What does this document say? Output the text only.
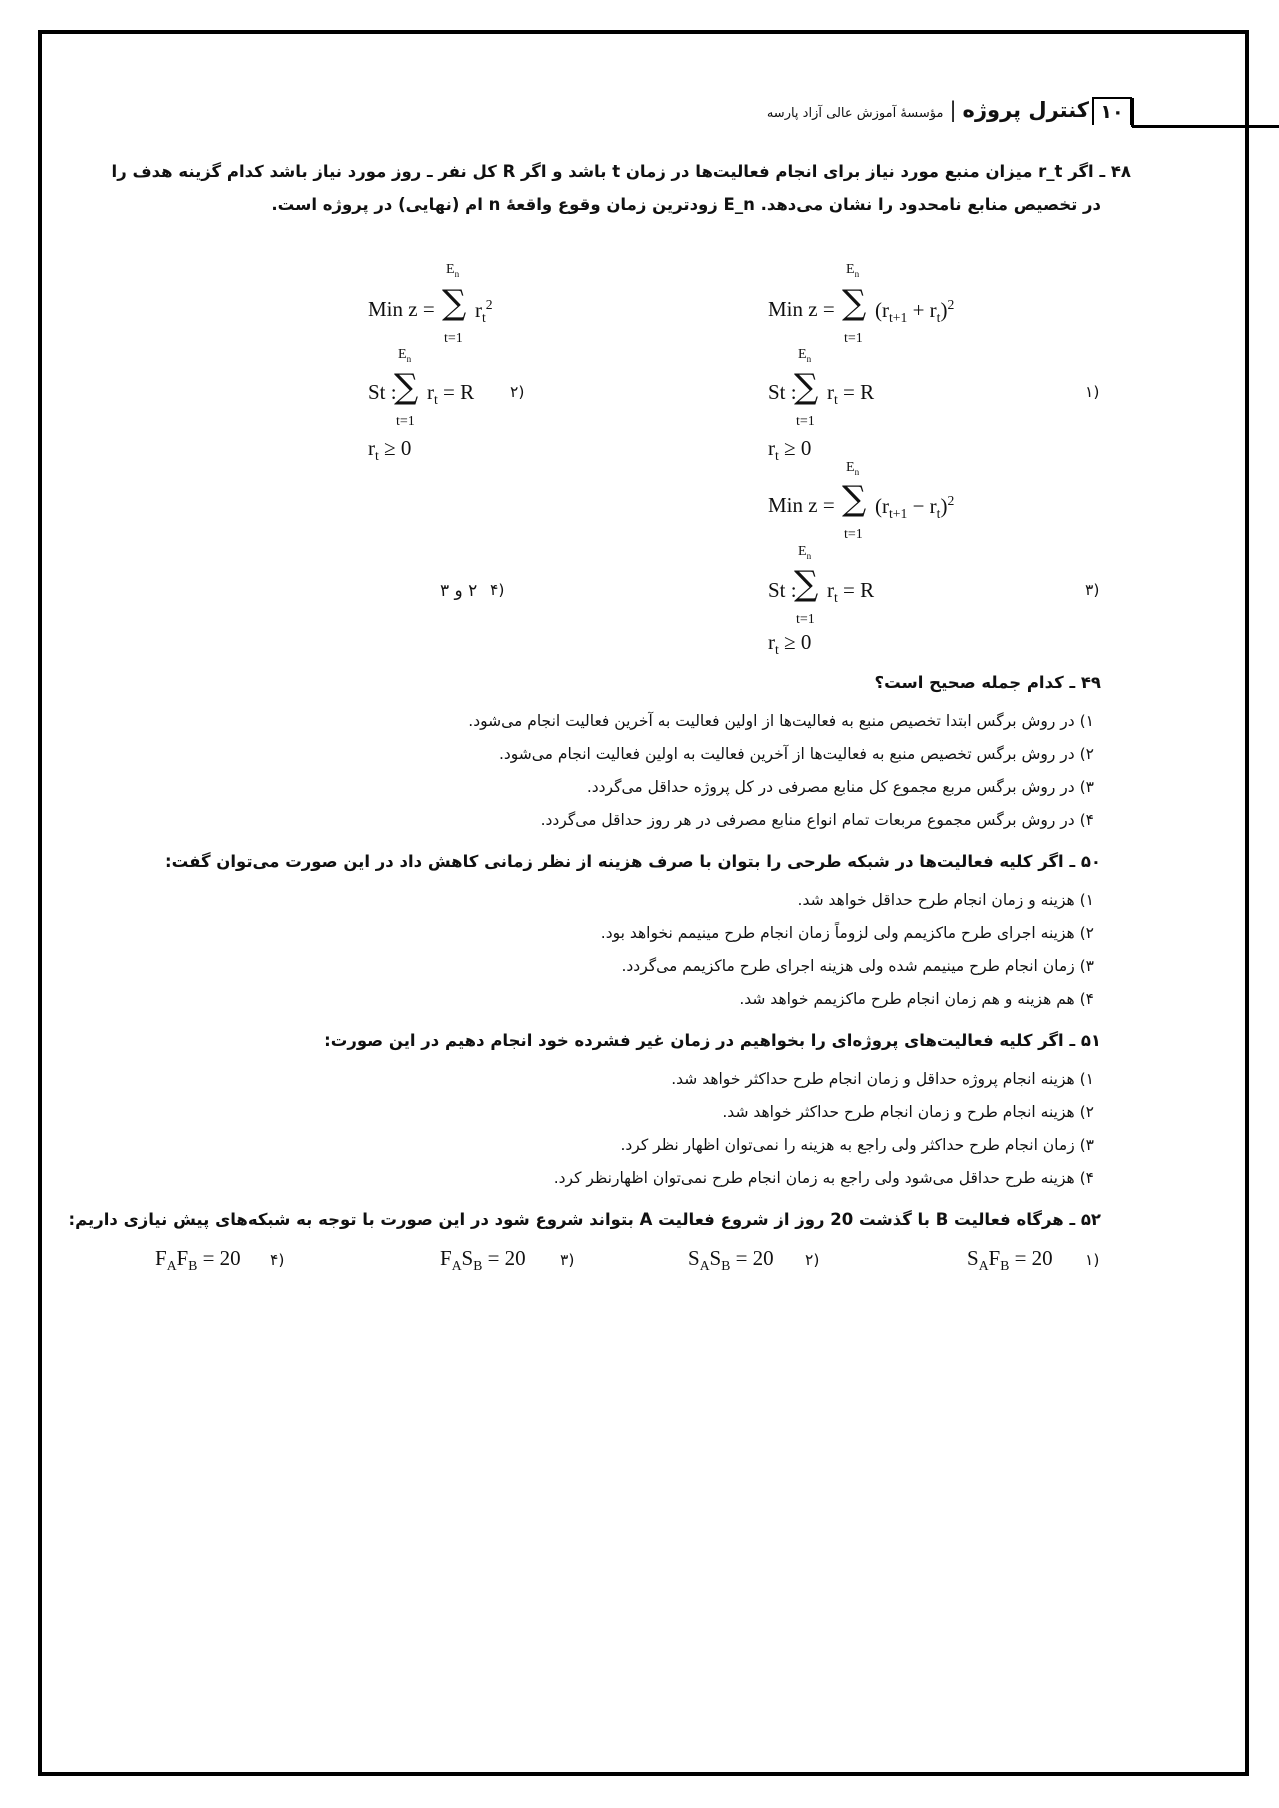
۱۰
کنترل پروژه|مؤسسهٔ آموزش عالی آزاد پارسه
۴۸ ـ اگر r_t میزان منبع مورد نیاز برای انجام فعالیت‌ها در زمان t باشد و اگر R کل نفر ـ روز مورد نیاز باشد کدام گزینه هدف را
در تخصیص منابع نامحدود را نشان می‌دهد. E_n زودترین زمان وقوع واقعهٔ n ام (نهایی) در پروژه است.
Min z =
$E_n$
∑
t=1
$r_t^2$
St :
$E_n$
∑
t=1
$r_t = R$
$r_t \ge 0$
(۲
Min z =
$E_n$
∑
t=1
$(r_{t+1} + r_t)^2$
St :
$E_n$
∑
t=1
$r_t = R$
$r_t \ge 0$
(۱
Min z =
$E_n$
∑
t=1
$(r_{t+1} - r_t)^2$
St :
$E_n$
∑
t=1
$r_t = R$
$r_t \ge 0$
(۳
۲ و ۳ (۴
۴۹ ـ کدام جمله صحیح است؟
۱) در روش برگس ابتدا تخصیص منبع به فعالیت‌ها از اولین فعالیت به آخرین فعالیت انجام می‌شود.
۲) در روش برگس تخصیص منبع به فعالیت‌ها از آخرین فعالیت به اولین فعالیت انجام می‌شود.
۳) در روش برگس مربع مجموع کل منابع مصرفی در کل پروژه حداقل می‌گردد.
۴) در روش برگس مجموع مربعات تمام انواع منابع مصرفی در هر روز حداقل می‌گردد.
۵۰ ـ اگر کلیه فعالیت‌ها در شبکه طرحی را بتوان با صرف هزینه از نظر زمانی کاهش داد در این صورت می‌توان گفت:
۱) هزینه و زمان انجام طرح حداقل خواهد شد.
۲) هزینه اجرای طرح ماکزیمم ولی لزوماً زمان انجام طرح مینیمم نخواهد بود.
۳) زمان انجام طرح مینیمم شده ولی هزینه اجرای طرح ماکزیمم می‌گردد.
۴) هم هزینه و هم زمان انجام طرح ماکزیمم خواهد شد.
۵۱ ـ اگر کلیه فعالیت‌های پروژه‌ای را بخواهیم در زمان غیر فشرده خود انجام دهیم در این صورت:
۱) هزینه انجام پروژه حداقل و زمان انجام طرح حداکثر خواهد شد.
۲) هزینه انجام طرح و زمان انجام طرح حداکثر خواهد شد.
۳) زمان انجام طرح حداکثر ولی راجع به هزینه را نمی‌توان اظهار نظر کرد.
۴) هزینه طرح حداقل می‌شود ولی راجع به زمان انجام طرح نمی‌توان اظهارنظر کرد.
۵۲ ـ هرگاه فعالیت B با گذشت 20 روز از شروع فعالیت A بتواند شروع شود در این صورت با توجه به شبکه‌های پیش نیازی داریم:
(۱
$S_AF_B = 20$
(۲
$S_AS_B = 20$
(۳
$F_AS_B = 20$
(۴
$F_AF_B = 20$
